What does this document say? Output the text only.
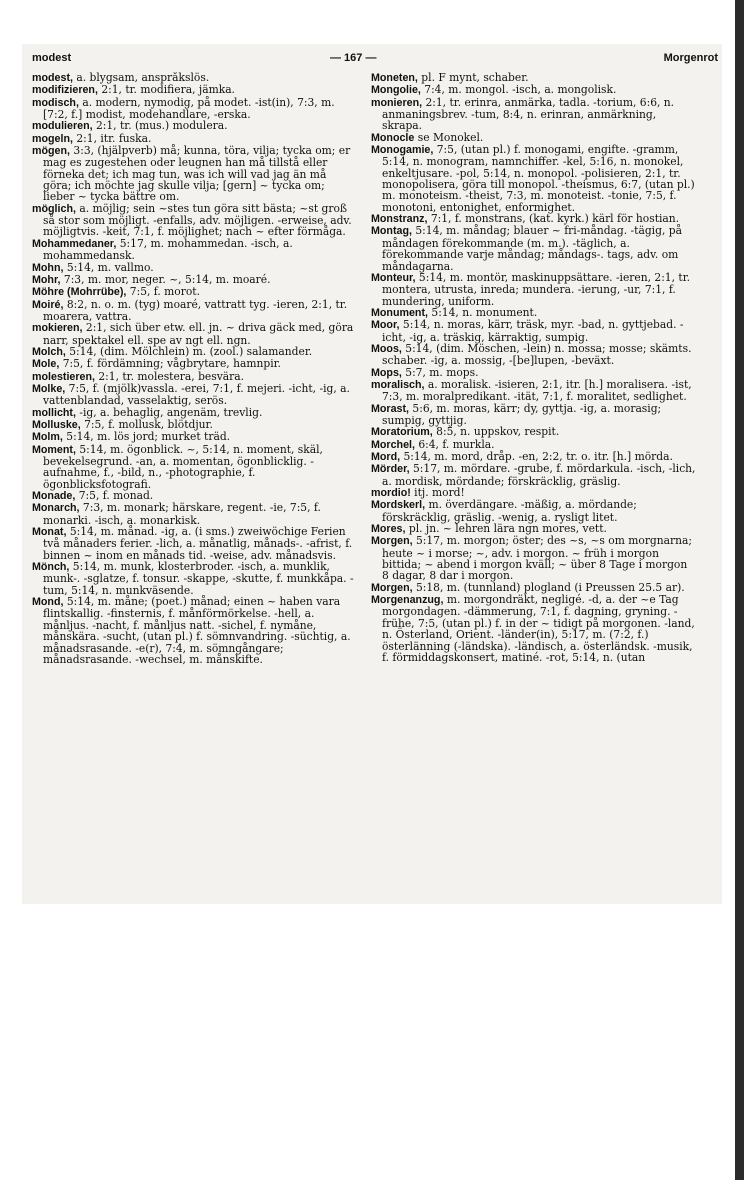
modest	— 167 —	Morgenrot

modest, a. blygsam, anspråkslös.

modifizieren, 2:1, tr. modifiera, jämka.

modisch, a. modern, nymodig, på modet. -ist(in), 7:3, m. [7:2, f.] modist, modehandlare, -erska.

modulieren, 2:1, tr. (mus.) modulera.

mogeln, 2:1, itr. fuska.

mögen, 3:3, (hjälpverb) må; kunna, töra, vilja; tycka om; er mag es zugestehen oder leugnen han må tillstå eller förneka det; ich mag tun, was ich will vad jag än må göra; ich möchte jag skulle vilja; [gern] ~ tycka om; lieber ~ tycka bättre om.

möglich, a. möjlig; sein ~stes tun göra sitt bästa; ~st groß så stor som möjligt. -enfalls, adv. möjligen. -erweise, adv. möjligtvis. -keit, 7:1, f. möjlighet; nach ~ efter förmåga.

Mohammedaner, 5:17, m. mohammedan. -isch, a. mohammedansk.

Mohn, 5:14, m. vallmo.

Mohr, 7:3, m. mor, neger. ~, 5:14, m. moaré.

Möhre (Mohrrübe), 7:5, f. morot.

Moiré, 8:2, n. o. m. (tyg) moaré, vattratt tyg. -ieren, 2:1, tr. moarera, vattra.

mokieren, 2:1, sich über etw. ell. jn. ~ driva gäck med, göra narr, spektakel ell. spe av ngt ell. ngn.

Molch, 5:14, (dim. Mölchlein) m. (zool.) salamander.

Mole, 7:5, f. fördämning; vågbrytare, hamnpir.

molestieren, 2:1, tr. molestera, besvära.

Molke, 7:5, f. (mjölk)vassla. -erei, 7:1, f. mejeri. -icht, -ig, a. vattenblandad, vasselaktig, serös.

mollicht, -ig, a. behaglig, angenäm, trevlig.

Molluske, 7:5, f. mollusk, blötdjur.

Molm, 5:14, m. lös jord; murket träd.

Moment, 5:14, m. ögonblick. ~, 5:14, n. moment, skäl, bevekelsegrund. -an, a. momentan, ögonblicklig. -aufnahme, f., -bild, n., -photographie, f. ögonblicksfotografi.

Monade, 7:5, f. monad.

Monarch, 7:3, m. monark; härskare, regent. -ie, 7:5, f. monarki. -isch, a. monarkisk.

Monat, 5:14, m. månad. -ig, a. (i sms.) zweiwöchige Ferien två månaders ferier. -lich, a. månatlig, månads-. -afrist, f. binnen ~ inom en månads tid. -weise, adv. månadsvis.

Mönch, 5:14, m. munk, klosterbroder. -isch, a. munklik, munk-. -sglatze, f. tonsur. -skappe, -skutte, f. munkkåpa. -tum, 5:14, n. munkväsende.

Mond, 5:14, m. måne; (poet.) månad; einen ~ haben vara flintskallig. -finsternis, f. månförmörkelse. -hell, a. månljus. -nacht, f. månljus natt. -sichel, f. nymåne, månskära. -sucht, (utan pl.) f. sömnvandring. -süchtig, a. månadsrasande. -e(r), 7:4, m. sömngångare; månadsrasande. -wechsel, m. månskifte.

Moneten, pl. F mynt, schaber.

Mongolie, 7:4, m. mongol. -isch, a. mongolisk.

monieren, 2:1, tr. erinra, anmärka, tadla. -torium, 6:6, n. anmaningsbrev. -tum, 8:4, n. erinran, anmärkning, skrapa.

Monocle se Monokel.

Monogamie, 7:5, (utan pl.) f. monogami, engifte. -gramm, 5:14, n. monogram, namnchiffer. -kel, 5:16, n. monokel, enkeltjusare. -pol, 5:14, n. monopol. -polisieren, 2:1, tr. monopolisera, göra till monopol. -theismus, 6:7, (utan pl.) m. monoteism. -theist, 7:3, m. monoteist. -tonie, 7:5, f. monotoni, entonighet, enformighet.

Monstranz, 7:1, f. monstrans, (kat. kyrk.) kärl för hostian.

Montag, 5:14, m. måndag; blauer ~ fri-måndag. -tägig, på måndagen förekommande (m. m.). -täglich, a. förekommande varje måndag; måndags-. tags, adv. om måndagarna.

Monteur, 5:14, m. montör, maskinuppsättare. -ieren, 2:1, tr. montera, utrusta, inreda; mundera. -ierung, -ur, 7:1, f. mundering, uniform.

Monument, 5:14, n. monument.

Moor, 5:14, n. moras, kärr, träsk, myr. -bad, n. gyttjebad. -icht, -ig, a. träskig, kärraktig, sumpig.

Moos, 5:14, (dim. Möschen, -lein) n. mossa; mosse; skämts. schaber. -ig, a. mossig, -[be]lupen, -beväxt.

Mops, 5:7, m. mops.

moralisch, a. moralisk. -isieren, 2:1, itr. [h.] moralisera. -ist, 7:3, m. moralpredikant. -ität, 7:1, f. moralitet, sedlighet.

Morast, 5:6, m. moras, kärr; dy, gyttja. -ig, a. morasig; sumpig, gyttjig.

Moratorium, 8:5, n. uppskov, respit.

Morchel, 6:4, f. murkla.

Mord, 5:14, m. mord, dråp. -en, 2:2, tr. o. itr. [h.] mörda.

Mörder, 5:17, m. mördare. -grube, f. mördarkula. -isch, -lich, a. mordisk, mördande; förskräcklig, gräslig.

mordio! itj. mord!

Mordskerl, m. överdängare. -mäßig, a. mördande; förskräcklig, gräslig. -wenig, a. rysligt litet.

Mores, pl. jn. ~ lehren lära ngn mores, vett.

Morgen, 5:17, m. morgon; öster; des ~s, ~s om morgnarna; heute ~ i morse; ~, adv. i morgon. ~ früh i morgon bittida; ~ abend i morgon kväll; ~ über 8 Tage i morgon 8 dagar, 8 dar i morgon.

Morgen, 5:18, m. (tunnland) plogland (i Preussen 25.5 ar).

Morgenanzug, m. morgondräkt, negligé. -d, a. der ~e Tag morgondagen. -dämmerung, 7:1, f. dagning, gryning. -frühe, 7:5, (utan pl.) f. in der ~ tidigt på morgonen. -land, n. Österland, Orient. -länder(in), 5:17, m. (7:2, f.) österlänning (-ländska). -ländisch, a. österländsk. -musik, f. förmiddagskonsert, matiné. -rot, 5:14, n. (utan
